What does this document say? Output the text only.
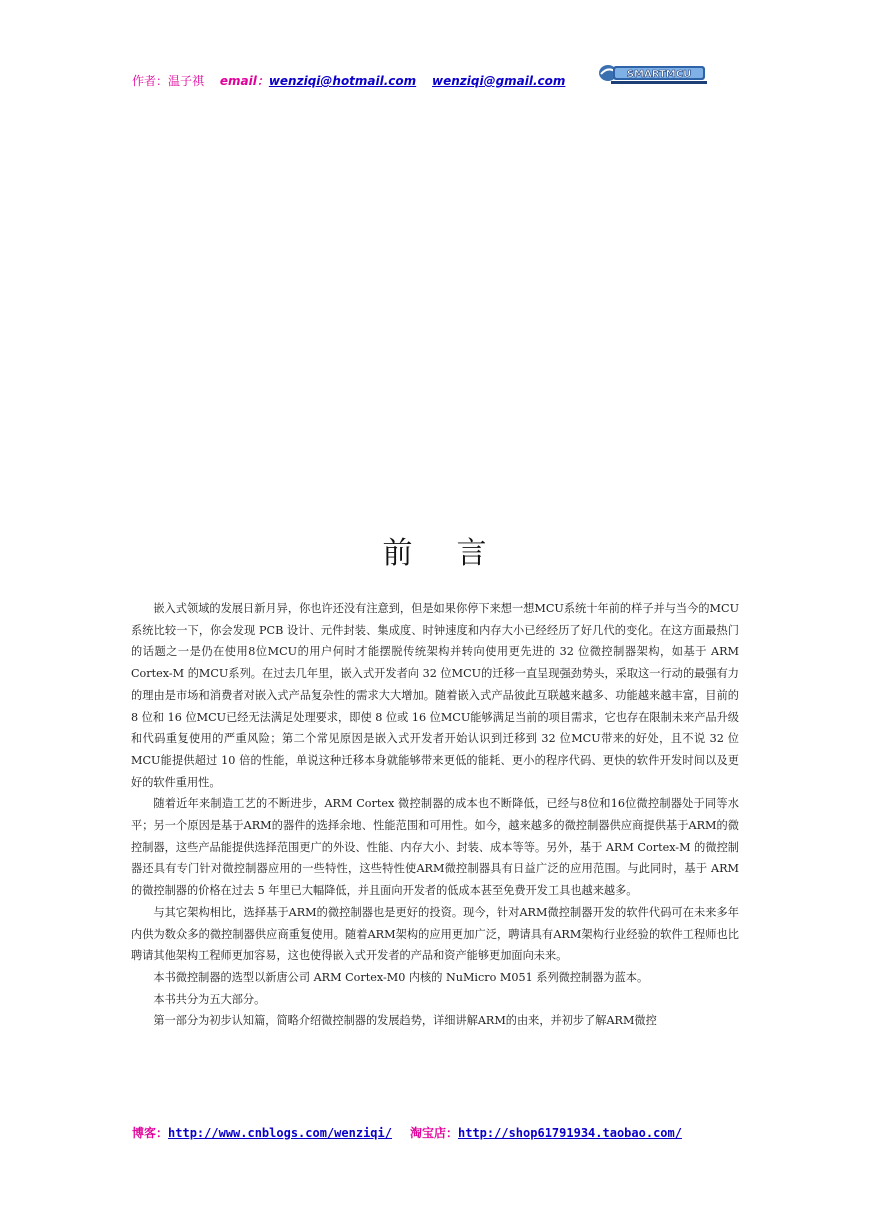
作者：温子祺 email：wenziqi@hotmail.com wenziqi@gmail.com	SMARTMCU
前言

嵌入式领域的发展日新月异，你也许还没有注意到，但是如果你停下来想一想MCU系统十年前的样子并与当今的MCU系统比较一下，你会发现 PCB 设计、元件封装、集成度、时钟速度和内存大小已经经历了好几代的变化。在这方面最热门的话题之一是仍在使用8位MCU的用户何时才能摆脱传统架构并转向使用更先进的 32 位微控制器架构，如基于 ARM Cortex-M 的MCU系列。在过去几年里，嵌入式开发者向 32 位MCU的迁移一直呈现强劲势头，采取这一行动的最强有力的理由是市场和消费者对嵌入式产品复杂性的需求大大增加。随着嵌入式产品彼此互联越来越多、功能越来越丰富，目前的 8 位和 16 位MCU已经无法满足处理要求，即使 8 位或 16 位MCU能够满足当前的项目需求，它也存在限制未来产品升级和代码重复使用的严重风险；第二个常见原因是嵌入式开发者开始认识到迁移到 32 位MCU带来的好处，且不说 32 位MCU能提供超过 10 倍的性能，单说这种迁移本身就能够带来更低的能耗、更小的程序代码、更快的软件开发时间以及更好的软件重用性。

随着近年来制造工艺的不断进步，ARM Cortex 微控制器的成本也不断降低，已经与8位和16位微控制器处于同等水平；另一个原因是基于ARM的器件的选择余地、性能范围和可用性。如今，越来越多的微控制器供应商提供基于ARM的微控制器，这些产品能提供选择范围更广的外设、性能、内存大小、封装、成本等等。另外，基于 ARM Cortex-M 的微控制器还具有专门针对微控制器应用的一些特性，这些特性使ARM微控制器具有日益广泛的应用范围。与此同时，基于 ARM 的微控制器的价格在过去 5 年里已大幅降低，并且面向开发者的低成本甚至免费开发工具也越来越多。

与其它架构相比，选择基于ARM的微控制器也是更好的投资。现今，针对ARM微控制器开发的软件代码可在未来多年内供为数众多的微控制器供应商重复使用。随着ARM架构的应用更加广泛，聘请具有ARM架构行业经验的软件工程师也比聘请其他架构工程师更加容易，这也使得嵌入式开发者的产品和资产能够更加面向未来。

本书微控制器的选型以新唐公司 ARM Cortex-M0 内核的 NuMicro M051 系列微控制器为蓝本。

本书共分为五大部分。

第一部分为初步认知篇，简略介绍微控制器的发展趋势，详细讲解ARM的由来，并初步了解ARM微控

博客：http://www.cnblogs.com/wenziqi/ 淘宝店：http://shop61791934.taobao.com/
